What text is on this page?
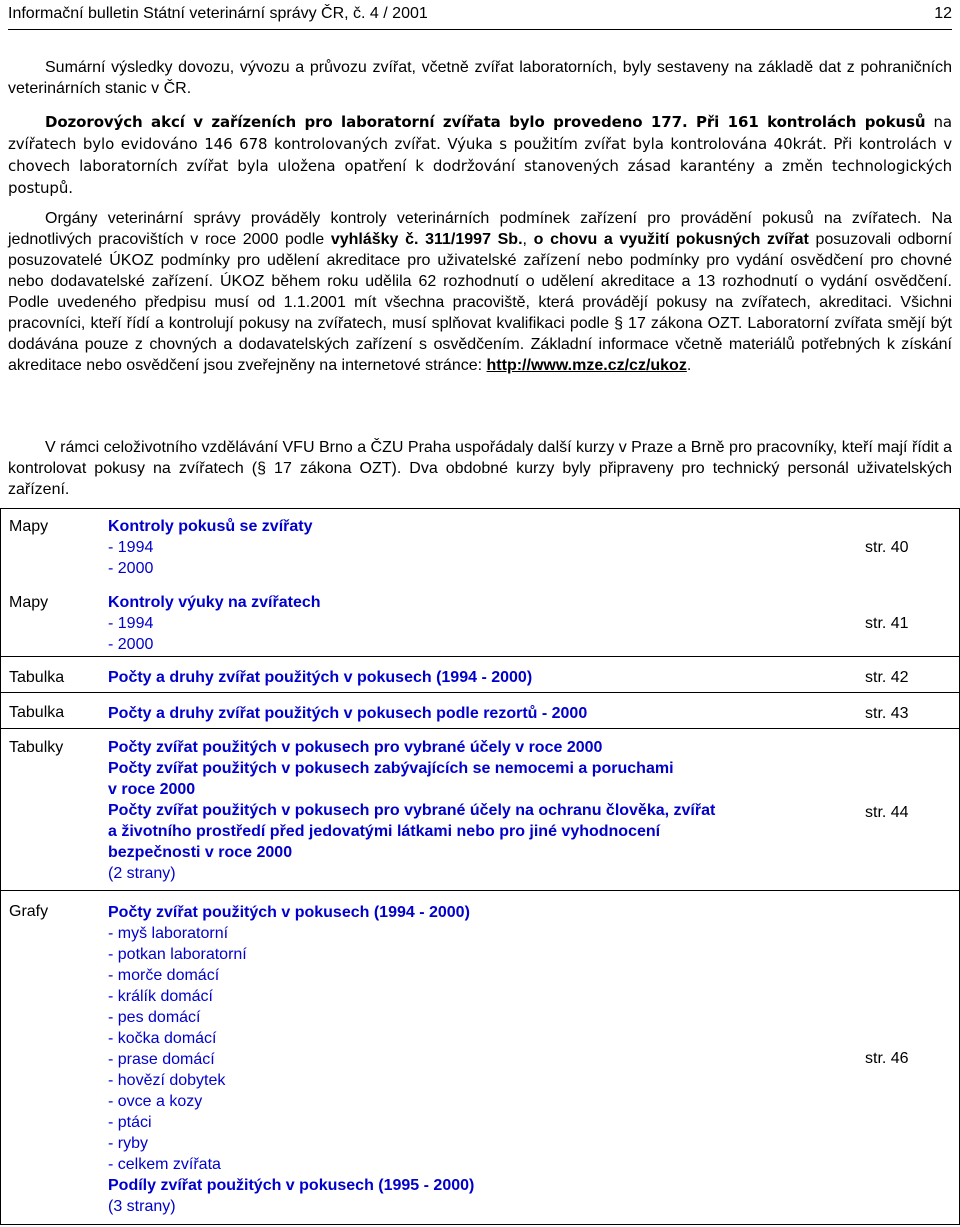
Informační bulletin Státní veterinární správy ČR, č. 4 / 2001	12

Sumární výsledky dovozu, vývozu a průvozu zvířat, včetně zvířat laboratorních, byly sestaveny na základě dat z pohraničních veterinárních stanic v ČR.

Dozorových akcí v zařízeních pro laboratorní zvířata bylo provedeno 177. Při 161 kontrolách pokusů na zvířatech bylo evidováno 146 678 kontrolovaných zvířat. Výuka s použitím zvířat byla kontrolována 40krát. Při kontrolách v chovech laboratorních zvířat byla uložena opatření k dodržování stanovených zásad karantény a změn technologických postupů.

Orgány veterinární správy prováděly kontroly veterinárních podmínek zařízení pro provádění pokusů na zvířatech. Na jednotlivých pracovištích v roce 2000 podle vyhlášky č. 311/1997 Sb., o chovu a využití pokusných zvířat posuzovali odborní posuzovatelé ÚKOZ podmínky pro udělení akreditace pro uživatelské zařízení nebo podmínky pro vydání osvědčení pro chovné nebo dodavatelské zařízení. ÚKOZ během roku udělila 62 rozhodnutí o udělení akreditace a 13 rozhodnutí o vydání osvědčení. Podle uvedeného předpisu musí od 1.1.2001 mít všechna pracoviště, která provádějí pokusy na zvířatech, akreditaci. Všichni pracovníci, kteří řídí a kontrolují pokusy na zvířatech, musí splňovat kvalifikaci podle § 17 zákona OZT. Laboratorní zvířata smějí být dodávána pouze z chovných a dodavatelských zařízení s osvědčením. Základní informace včetně materiálů potřebných k získání akreditace nebo osvědčení jsou zveřejněny na internetové stránce: http://www.mze.cz/cz/ukoz.

V rámci celoživotního vzdělávání VFU Brno a ČZU Praha uspořádaly další kurzy v Praze a Brně pro pracovníky, kteří mají řídit a kontrolovat pokusy na zvířatech (§ 17 zákona OZT). Dva obdobné kurzy byly připraveny pro technický personál uživatelských zařízení.

Mapy	Kontroly pokusů se zvířaty
- 1994
- 2000
str. 40
Mapy	Kontroly výuky na zvířatech
- 1994
- 2000
str. 41
Tabulka	Počty a druhy zvířat použitých v pokusech (1994 - 2000)	str. 42
Tabulka	Počty a druhy zvířat použitých v pokusech podle rezortů - 2000	str. 43
Tabulky	Počty zvířat použitých v pokusech pro vybrané účely v roce 2000
Počty zvířat použitých v pokusech zabývajících se nemocemi a poruchami
v roce 2000
Počty zvířat použitých v pokusech pro vybrané účely na ochranu člověka, zvířat
a životního prostředí před jedovatými látkami nebo pro jiné vyhodnocení
bezpečnosti v roce 2000
(2 strany)
str. 44
Grafy	Počty zvířat použitých v pokusech (1994 - 2000)
- myš laboratorní
- potkan laboratorní
- morče domácí
- králík domácí
- pes domácí
- kočka domácí
- prase domácí
- hovězí dobytek
- ovce a kozy
- ptáci
- ryby
- celkem zvířata
Podíly zvířat použitých v pokusech (1995 - 2000)
(3 strany)
str. 46
